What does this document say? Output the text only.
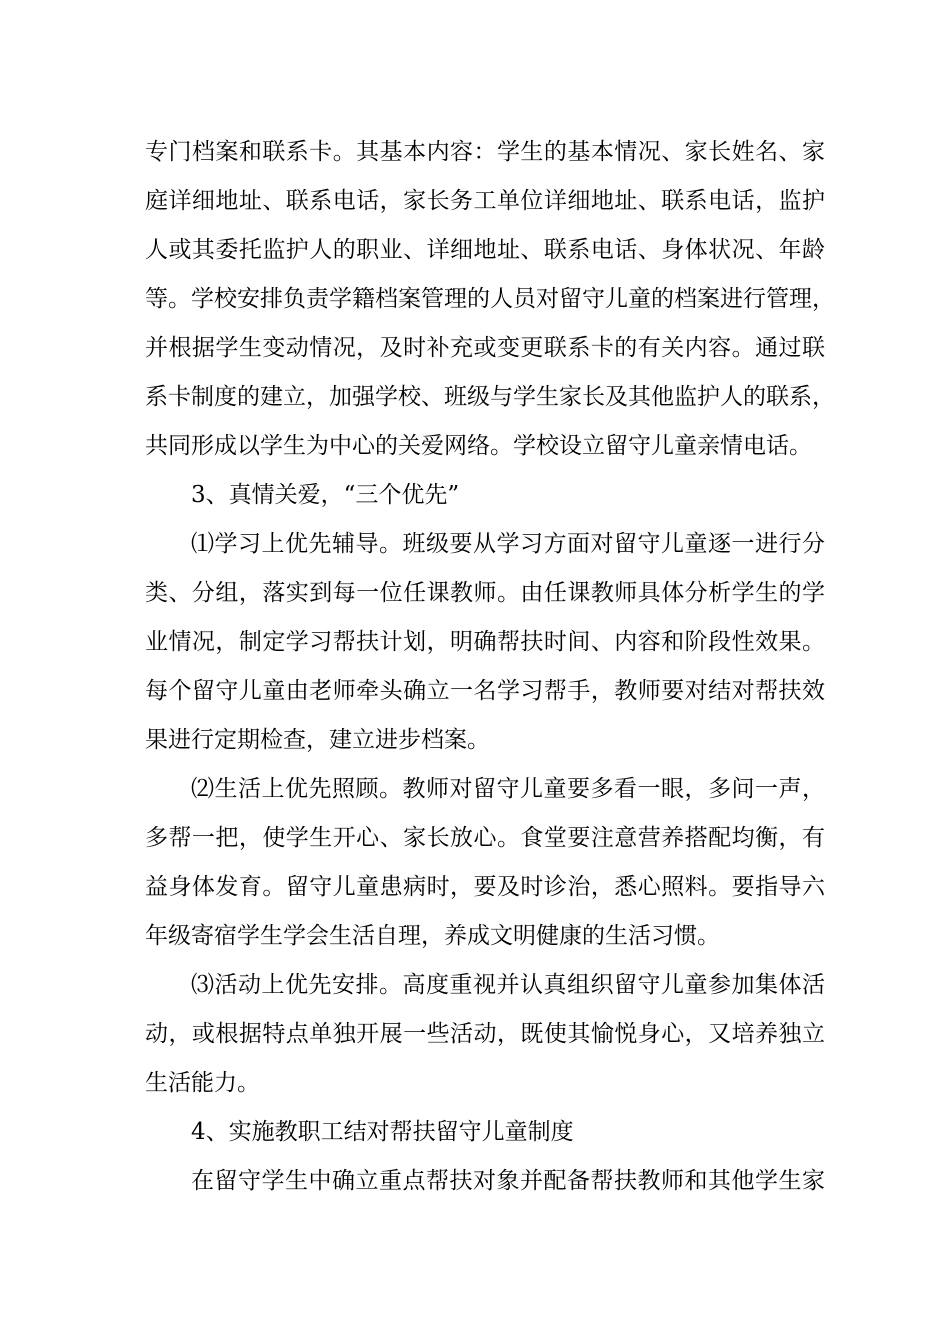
专门档案和联系卡。其基本内容：学生的基本情况、家长姓名、家
庭详细地址、联系电话，家长务工单位详细地址、联系电话，监护
人或其委托监护人的职业、详细地址、联系电话、身体状况、年龄
等。学校安排负责学籍档案管理的人员对留守儿童的档案进行管理，
并根据学生变动情况，及时补充或变更联系卡的有关内容。通过联
系卡制度的建立，加强学校、班级与学生家长及其他监护人的联系，
共同形成以学生为中心的关爱网络。学校设立留守儿童亲情电话。
3、真情关爱，“三个优先”
⑴学习上优先辅导。班级要从学习方面对留守儿童逐一进行分
类、分组，落实到每一位任课教师。由任课教师具体分析学生的学
业情况，制定学习帮扶计划，明确帮扶时间、内容和阶段性效果。
每个留守儿童由老师牵头确立一名学习帮手，教师要对结对帮扶效
果进行定期检查，建立进步档案。
⑵生活上优先照顾。教师对留守儿童要多看一眼，多问一声，
多帮一把，使学生开心、家长放心。食堂要注意营养搭配均衡，有
益身体发育。留守儿童患病时，要及时诊治，悉心照料。要指导六
年级寄宿学生学会生活自理，养成文明健康的生活习惯。
⑶活动上优先安排。高度重视并认真组织留守儿童参加集体活
动，或根据特点单独开展一些活动，既使其愉悦身心，又培养独立
生活能力。
4、实施教职工结对帮扶留守儿童制度
在留守学生中确立重点帮扶对象并配备帮扶教师和其他学生家
